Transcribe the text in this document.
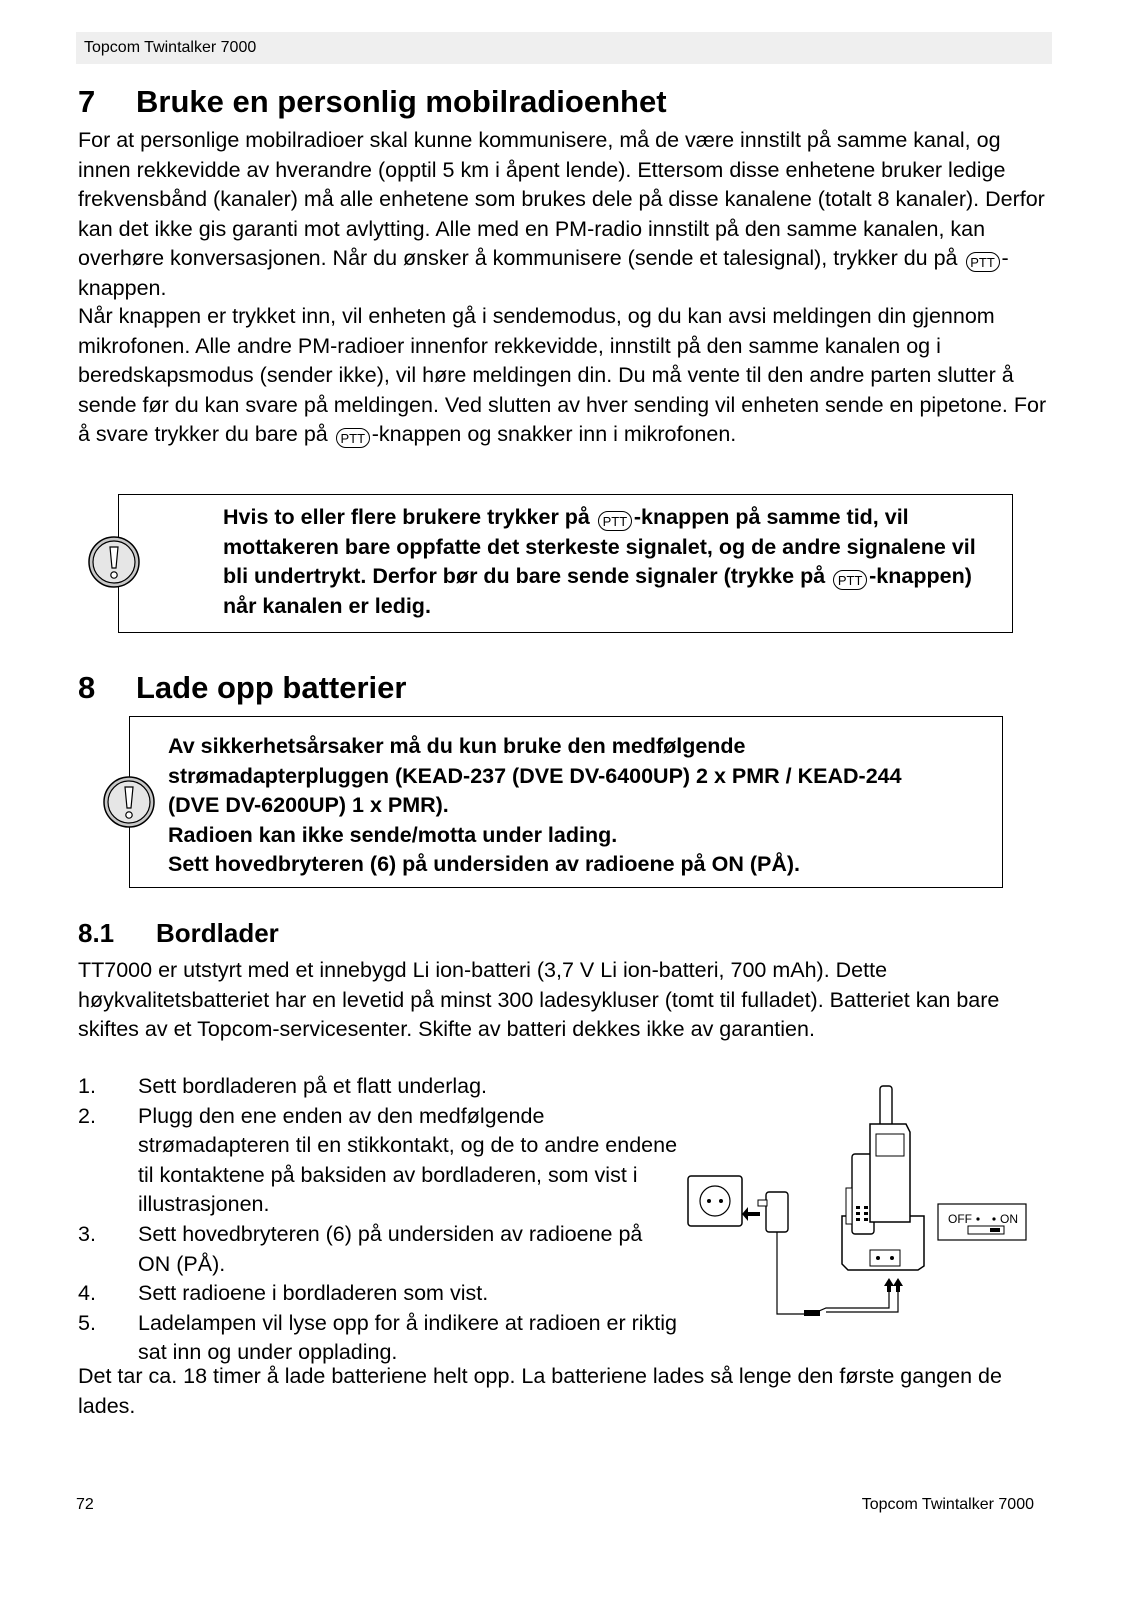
Topcom Twintalker 7000
7 Bruke en personlig mobilradioenhet

For at personlige mobilradioer skal kunne kommunisere, må de være innstilt på samme kanal, og innen rekkevidde av hverandre (opptil 5 km i åpent lende). Ettersom disse enhetene bruker ledige frekvensbånd (kanaler) må alle enhetene som brukes dele på disse kanalene (totalt 8 kanaler). Derfor kan det ikke gis garanti mot avlytting. Alle med en PM-radio innstilt på den samme kanalen, kan overhøre konversasjonen. Når du ønsker å kommunisere (sende et talesignal), trykker du på PTT -knappen.

Når knappen er trykket inn, vil enheten gå i sendemodus, og du kan avsi meldingen din gjennom mikrofonen. Alle andre PM-radioer innenfor rekkevidde, innstilt på den samme kanalen og i beredskapsmodus (sender ikke), vil høre meldingen din. Du må vente til den andre parten slutter å sende før du kan svare på meldingen. Ved slutten av hver sending vil enheten sende en pipetone. For å svare trykker du bare på PTT -knappen og snakker inn i mikrofonen.

Hvis to eller flere brukere trykker på PTT -knappen på samme tid, vil mottakeren bare oppfatte det sterkeste signalet, og de andre signalene vil bli undertrykt. Derfor bør du bare sende signaler (trykke på PTT -knappen) når kanalen er ledig.
8 Lade opp batterier
Av sikkerhetsårsaker må du kun bruke den medfølgende
strømadapterpluggen (KEAD-237 (DVE DV-6400UP) 2 x PMR / KEAD-244
(DVE DV-6200UP) 1 x PMR).
Radioen kan ikke sende/motta under lading.
Sett hovedbryteren (6) på undersiden av radioene på ON (PÅ).
8.1 Bordlader

TT7000 er utstyrt med et innebygd Li ion-batteri (3,7 V Li ion-batteri, 700 mAh). Dette høykvalitetsbatteriet har en levetid på minst 300 ladesykluser (tomt til fulladet). Batteriet kan bare skiftes av et Topcom-servicesenter. Skifte av batteri dekkes ikke av garantien.

1. Sett bordladeren på et flatt underlag.
2. Plugg den ene enden av den medfølgende strømadapteren til en stikkontakt, og de to andre endene til kontaktene på baksiden av bordladeren, som vist i illustrasjonen.
3. Sett hovedbryteren (6) på undersiden av radioene på ON (PÅ).
4. Sett radioene i bordladeren som vist.
5. Ladelampen vil lyse opp for å indikere at radioen er riktig sat inn og under opplading.

Det tar ca. 18 timer å lade batteriene helt opp. La batteriene lades så lenge den første gangen de lades.

OFF ON
72	Topcom Twintalker 7000
